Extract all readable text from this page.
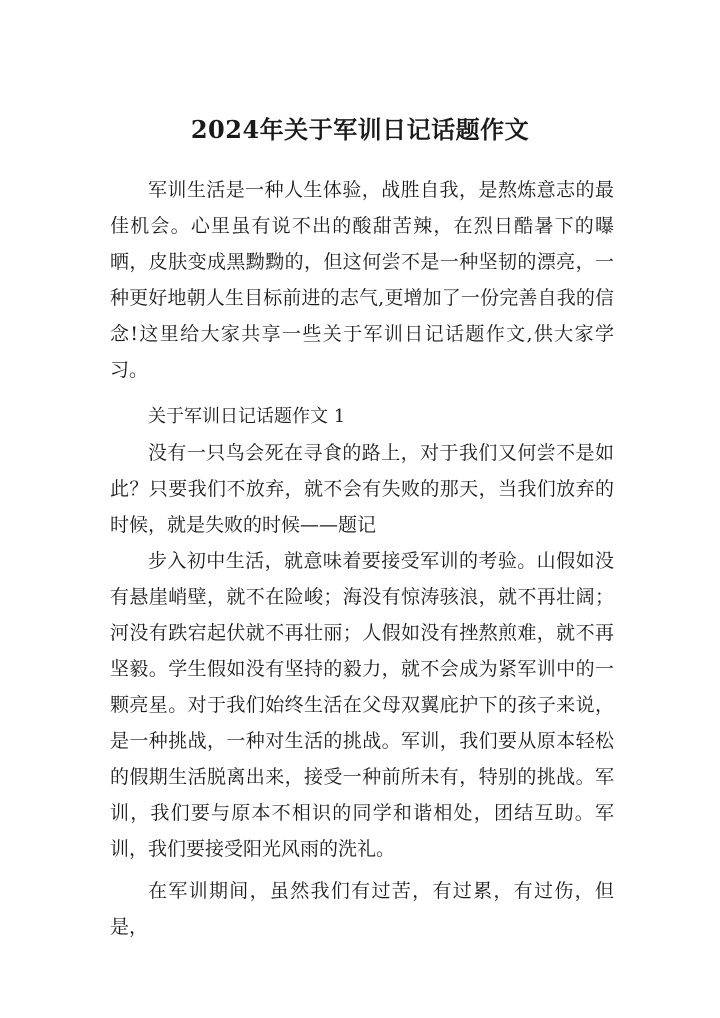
2024年关于军训日记话题作文

军训生活是一种人生体验，战胜自我，是熬炼意志的最佳机会。心里虽有说不出的酸甜苦辣，在烈日酷暑下的曝晒，皮肤变成黑黝黝的，但这何尝不是一种坚韧的漂亮，一种更好地朝人生目标前进的志气,更增加了一份完善自我的信念!这里给大家共享一些关于军训日记话题作文,供大家学习。

关于军训日记话题作文 1

没有一只鸟会死在寻食的路上，对于我们又何尝不是如此？只要我们不放弃，就不会有失败的那天，当我们放弃的时候，就是失败的时候——题记

步入初中生活，就意味着要接受军训的考验。山假如没有悬崖峭壁，就不在险峻；海没有惊涛骇浪，就不再壮阔；河没有跌宕起伏就不再壮丽；人假如没有挫熬煎难，就不再坚毅。学生假如没有坚持的毅力，就不会成为紧军训中的一颗亮星。对于我们始终生活在父母双翼庇护下的孩子来说，是一种挑战，一种对生活的挑战。军训，我们要从原本轻松的假期生活脱离出来，接受一种前所未有，特别的挑战。军训，我们要与原本不相识的同学和谐相处，团结互助。军训，我们要接受阳光风雨的洗礼。

在军训期间，虽然我们有过苦，有过累，有过伤，但是，
